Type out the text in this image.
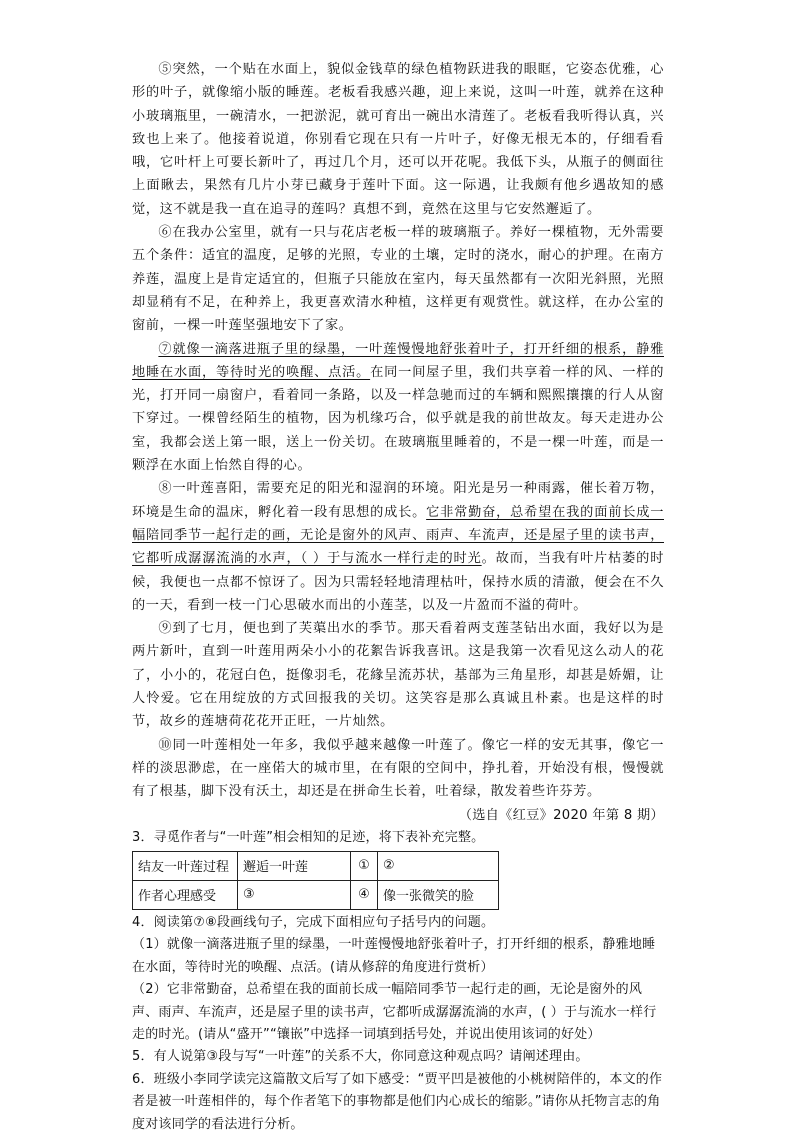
⑤突然，一个贴在水面上，貌似金钱草的绿色植物跃进我的眼眶，它姿态优雅，心形的叶子，就像缩小版的睡莲。老板看我感兴趣，迎上来说，这叫一叶莲，就养在这种小玻璃瓶里，一碗清水，一把淤泥，就可育出一碗出水清莲了。老板看我听得认真，兴致也上来了。他接着说道，你别看它现在只有一片叶子，好像无根无本的，仔细看看哦，它叶杆上可要长新叶了，再过几个月，还可以开花呢。我低下头，从瓶子的侧面往上面瞅去，果然有几片小芽已藏身于莲叶下面。这一际遇，让我颇有他乡遇故知的感觉，这不就是我一直在追寻的莲吗？真想不到，竟然在这里与它安然邂逅了。

⑥在我办公室里，就有一只与花店老板一样的玻璃瓶子。养好一棵植物，无外需要五个条件：适宜的温度，足够的光照，专业的土壤，定时的浇水，耐心的护理。在南方养莲，温度上是肯定适宜的，但瓶子只能放在室内，每天虽然都有一次阳光斜照，光照却显稍有不足，在种养上，我更喜欢清水种植，这样更有观赏性。就这样，在办公室的窗前，一棵一叶莲坚强地安下了家。

⑦就像一滴落进瓶子里的绿墨，一叶莲慢慢地舒张着叶子，打开纤细的根系，静雅地睡在水面，等待时光的唤醒、点活。在同一间屋子里，我们共享着一样的风、一样的光，打开同一扇窗户，看着同一条路，以及一样急驰而过的车辆和熙熙攘攘的行人从窗下穿过。一棵曾经陌生的植物，因为机缘巧合，似乎就是我的前世故友。每天走进办公室，我都会送上第一眼，送上一份关切。在玻璃瓶里睡着的，不是一棵一叶莲，而是一颗浮在水面上怡然自得的心。

⑧一叶莲喜阳，需要充足的阳光和湿润的环境。阳光是另一种雨露，催长着万物，环境是生命的温床，孵化着一段有思想的成长。它非常勤奋，总希望在我的面前长成一幅陪同季节一起行走的画，无论是窗外的风声、雨声、车流声，还是屋子里的读书声，它都听成潺潺流淌的水声，（ ）于与流水一样行走的时光。故而，当我有叶片枯萎的时候，我便也一点都不惊讶了。因为只需轻轻地清理枯叶，保持水质的清澈，便会在不久的一天，看到一枝一门心思破水而出的小莲茎，以及一片盈而不溢的荷叶。

⑨到了七月，便也到了芙蕖出水的季节。那天看着两支莲茎钻出水面，我好以为是两片新叶，直到一叶莲用两朵小小的花絮告诉我喜讯。这是我第一次看见这么动人的花了，小小的，花冠白色，挺像羽毛，花緣呈流苏状，基部为三角星形，却甚是娇媚，让人怜爱。它在用绽放的方式回报我的关切。这笑容是那么真诚且朴素。也是这样的时节，故乡的莲塘荷花花开正旺，一片灿然。

⑩同一叶莲相处一年多，我似乎越来越像一叶莲了。像它一样的安无其事，像它一样的淡思渺虑，在一座偌大的城市里，在有限的空间中，挣扎着，开始没有根，慢慢就有了根基，脚下没有沃土，却还是在拼命生长着，吐着绿，散发着些许芬芳。

（选自《红豆》2020 年第 8 期）

3．寻觅作者与“一叶莲”相会相知的足迹，将下表补充完整。

结友一叶莲过程	邂逅一叶莲	①	②
作者心理感受	③	④	像一张微笑的脸

4．阅读第⑦⑧段画线句子，完成下面相应句子括号内的问题。

（1）就像一滴落进瓶子里的绿墨，一叶莲慢慢地舒张着叶子，打开纤细的根系，静雅地睡在水面，等待时光的唤醒、点活。(请从修辞的角度进行赏析）

（2）它非常勤奋，总希望在我的面前长成一幅陪同季节一起行走的画，无论是窗外的风声、雨声、车流声，还是屋子里的读书声，它都听成潺潺流淌的水声，( ）于与流水一样行走的时光。(请从“盛开”“镶嵌”中选择一词填到括号处，并说出使用该词的好处）

5．有人说第③段与写“一叶莲”的关系不大，你同意这种观点吗？请阐述理由。

6．班级小李同学读完这篇散文后写了如下感受：“贾平凹是被他的小桃树陪伴的，本文的作者是被一叶莲相伴的，每个作者笔下的事物都是他们内心成长的缩影。”请你从托物言志的角度对该同学的看法进行分析。
